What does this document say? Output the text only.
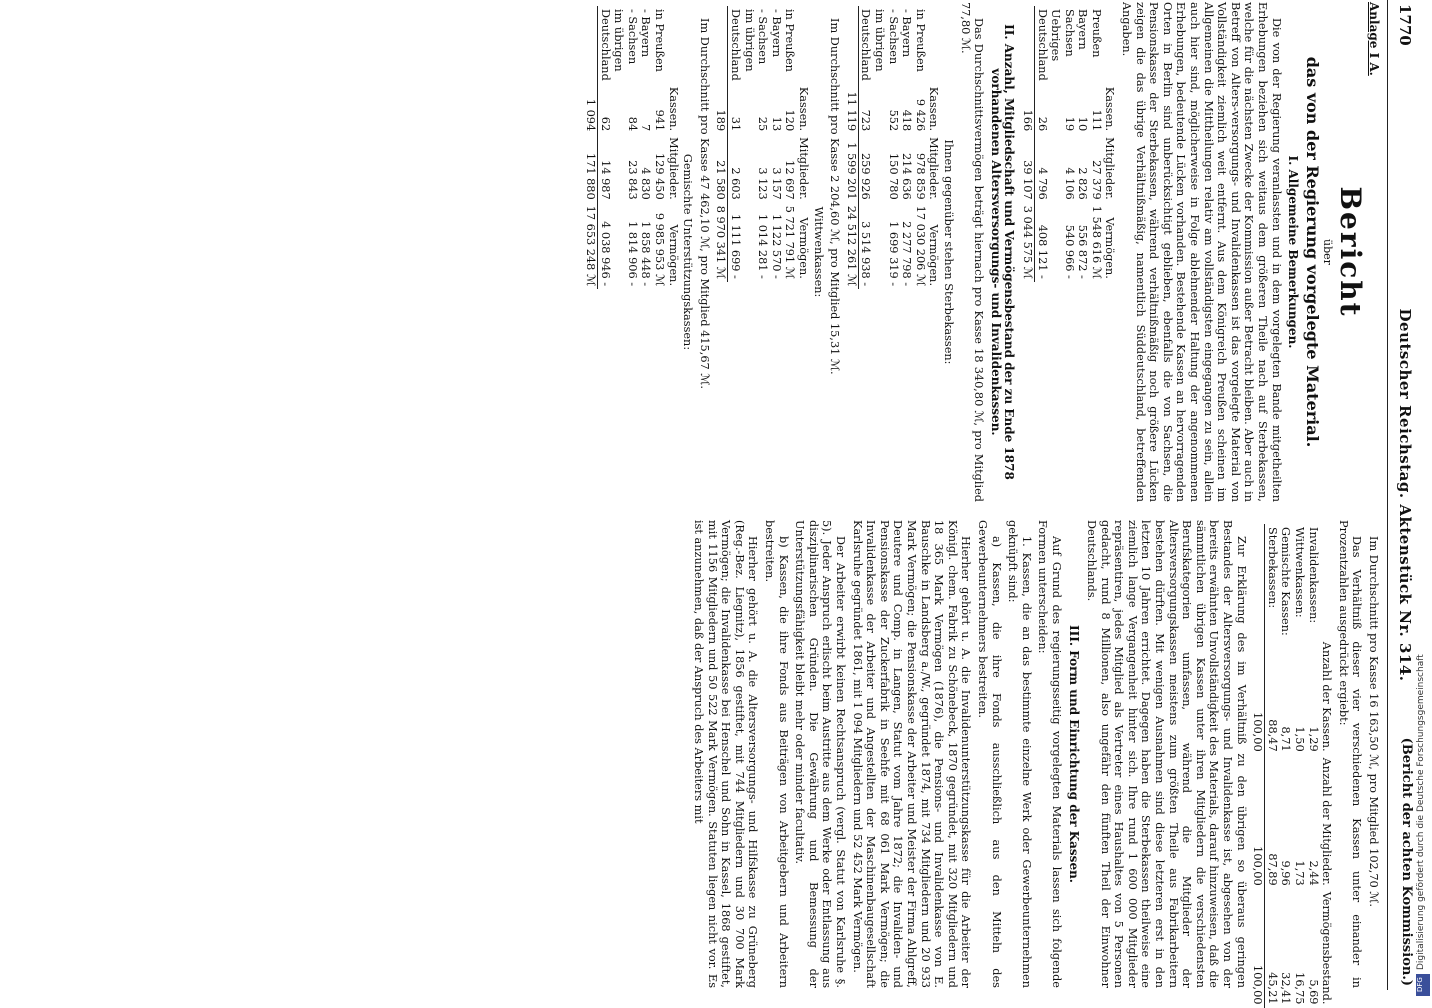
1770
Deutscher Reichstag. Aktenstück Nr. 314.
(Bericht der achten Kommission.)
Anlage I A.
Bericht
über
das von der Regierung vorgelegte Material.
I. Allgemeine Bemerkungen.

Die von der Regierung veranlassten und in dem vorgelegten Bande mitgetheilten Erhebungen beziehen sich weitaus dem größeren Theile nach auf Sterbekassen, welche für die nächsten Zwecke der Kommission außer Betracht bleiben. Aber auch in Betreff von Alters-versorgungs- und Invalidenkassen ist das vorgelegte Material von Vollständigkeit ziemlich weit entfernt. Aus dem Königreich Preußen scheinen im Allgemeinen die Mittheilungen relativ am vollständigsten eingegangen zu sein, allein auch hier sind, möglicherweise in Folge ablehnender Haltung der angenommenen Erhebungen, bedeutende Lücken vorhanden. Bestehende Kassen an hervorragenden Orten in Berlin sind unberücksichtigt geblieben, ebenfalls die von Sachsen, die Pensionskasse der Sterbekassen, während verhältnißmäßig noch größere Lücken zeigen die das übrige Verhältnißmäßig, namentlich Süddeutschland, betreffenden Angaben.

	Kassen.	Mitglieder.	Vermögen.
Preußen	111	27 379	1 548 616 ℳ
Bayern	10	2 826	556 872 -
Sachsen	19	4 106	540 966 -
Uebriges			
Deutschland	26	4 796	408 121 -
	166	39 107	3 044 575 ℳ
II. Anzahl, Mitgliedschaft und Vermögensbestand der zu Ende 1878 vorhandenen Altersversorgungs- und Invalidenkassen.

Das Durchschnittsvermögen beträgt hiernach pro Kasse 18 340,80 ℳ, pro Mitglied 77,80 ℳ.

Ihnen gegenüber stehen Sterbekassen:
	Kassen.	Mitglieder.	Vermögen.
in Preußen	9 426	978 859	17 030 206 ℳ
- Bayern	418	214 636	2 277 798 -
- Sachsen	552	150 780	1 699 319 -
im übrigen			
Deutschland	723	259 926	3 514 938 -
	11 119	1 599 201	24 512 261 ℳ

Im Durchschnitt pro Kasse 2 204,60 ℳ, pro Mitglied 15,31 ℳ.

Wittwenkassen:
	Kassen.	Mitglieder.	Vermögen.
in Preußen	120	12 697	5 721 791 ℳ
- Bayern	13	3 157	1 122 570 -
- Sachsen	25	3 123	1 014 281 -
im übrigen			
Deutschland	31	2 603	1 111 699 -
	189	21 580	8 970 341 ℳ

Im Durchschnitt pro Kasse 47 462,10 ℳ, pro Mitglied 415,67 ℳ.

Gemischte Unterstützungskassen:
	Kassen.	Mitglieder.	Vermögen.
in Preußen	941	129 450	9 985 953 ℳ
- Bayern	7	4 830	1 858 448 -
- Sachsen	84	23 843	1 814 906 -
im übrigen			
Deutschland	62	14 987	4 038 946 -
	1 094	171 880	17 653 248 ℳ

Im Durchschnitt pro Kasse 16 163,50 ℳ, pro Mitglied 102,70 ℳ.

Das Verhältniß dieser vier verschiedenen Kassen unter einander in Prozentzahlen ausgedrückt ergiebt:

	Anzahl der Kassen.	Anzahl der Mitglieder.	Vermögensbestand.
Invalidenkassen:	1,29	2,44	5,69
Wittwenkassen:	1,50	1,73	16,75
Gemischte Kassen:	8,71	9,96	32,41
Sterbekassen:	88,47	87,89	45,21
	100,00	100,00	100,00

Zur Erklärung des im Verhältniß zu den übrigen so überaus geringen Bestandes der Altersversorgungs- und Invalidenkasse ist, abgesehen von der bereits erwähnten Unvollständigkeit des Materials, darauf hinzuweisen, daß die sämmtlichen übrigen Kassen unter ihren Mitgliedern die verschiedensten Berufskategorien umfassen, während die Mitglieder der Altersversorgungskassen meistens zum größten Theile aus Fabrikarbeitern bestehen dürften. Mit wenigen Ausnahmen sind diese letzteren erst in den letzten 10 Jahren errichtet. Dagegen haben die Sterbekassen theilweise eine ziemlich lange Vergangenheit hinter sich. Ihre rund 1 600 000 Mitglieder repräsentiren, jedes Mitglied als Vertreter eines Haushaltes von 5 Personen gedacht, rund 8 Millionen, also ungefähr den fünften Theil der Einwohner Deutschlands.

III. Form und Einrichtung der Kassen.

Auf Grund des regierungsseitig vorgelegten Materials lassen sich folgende Formen unterscheiden:

1. Kassen, die an das bestimmte einzelne Werk oder Gewerbeunternehmen geknüpft sind:

a) Kassen, die ihre Fonds ausschließlich aus den Mitteln des Gewerbeunternehmers bestreiten.

Hierher gehört u. A. die Invalidenunterstützungskasse für die Arbeiter der Königl. chem. Fabrik zu Schönebeck, 1870 gegründet, mit 320 Mitgliedern und 18 365 Mark Vermögen (1876), die Pensions- und Invalidenkasse von E. Bauschke in Landsberg a./W., gegründet 1874, mit 734 Mitgliedern und 20 933 Mark Vermögen; die Pensionskasse der Arbeiter und Meister der Firma Ahlgreff, Deutere und Comp. in Langen, Statut vom Jahre 1872; die Invaliden- und Pensionskasse der Zuckerfabrik in Seehfe mit 68 061 Mark Vermögen; die Invalidenkasse der Arbeiter und Angestellten der Maschinenbaugesellschaft Karlsruhe gegründet 1861, mit 1 094 Mitgliedern und 52 452 Mark Vermögen.

Der Arbeiter erwirbt keinen Rechtsanspruch (vergl. Statut von Karlsruhe §. 5). Jeder Anspruch erlischt beim Austritte aus dem Werke oder Entlassung aus disziplinarischen Gründen. Die Gewährung und Bemessung der Unterstützungsfähigkeit bleibt mehr oder minder facultativ.

b) Kassen, die ihre Fonds aus Beiträgen von Arbeitgebern und Arbeitern bestreiten.

Hierher gehört u. A. die Altersversorgungs- und Hilfskasse zu Grüneberg (Reg.-Bez. Liegnitz), 1856 gestiftet, mit 744 Mitgliedern und 30 700 Mark Vermögen; die Invalidenkasse bei Henschel und Sohn in Kassel, 1868 gestiftet, mit 1156 Mitgliedern und 50 522 Mark Vermögen. Statuten liegen nicht vor. Es ist anzunehmen, daß der Anspruch des Arbeiters mit	Digitalisierung gefördert durch die Deutsche Forschungsgemeinschaft
DFG
